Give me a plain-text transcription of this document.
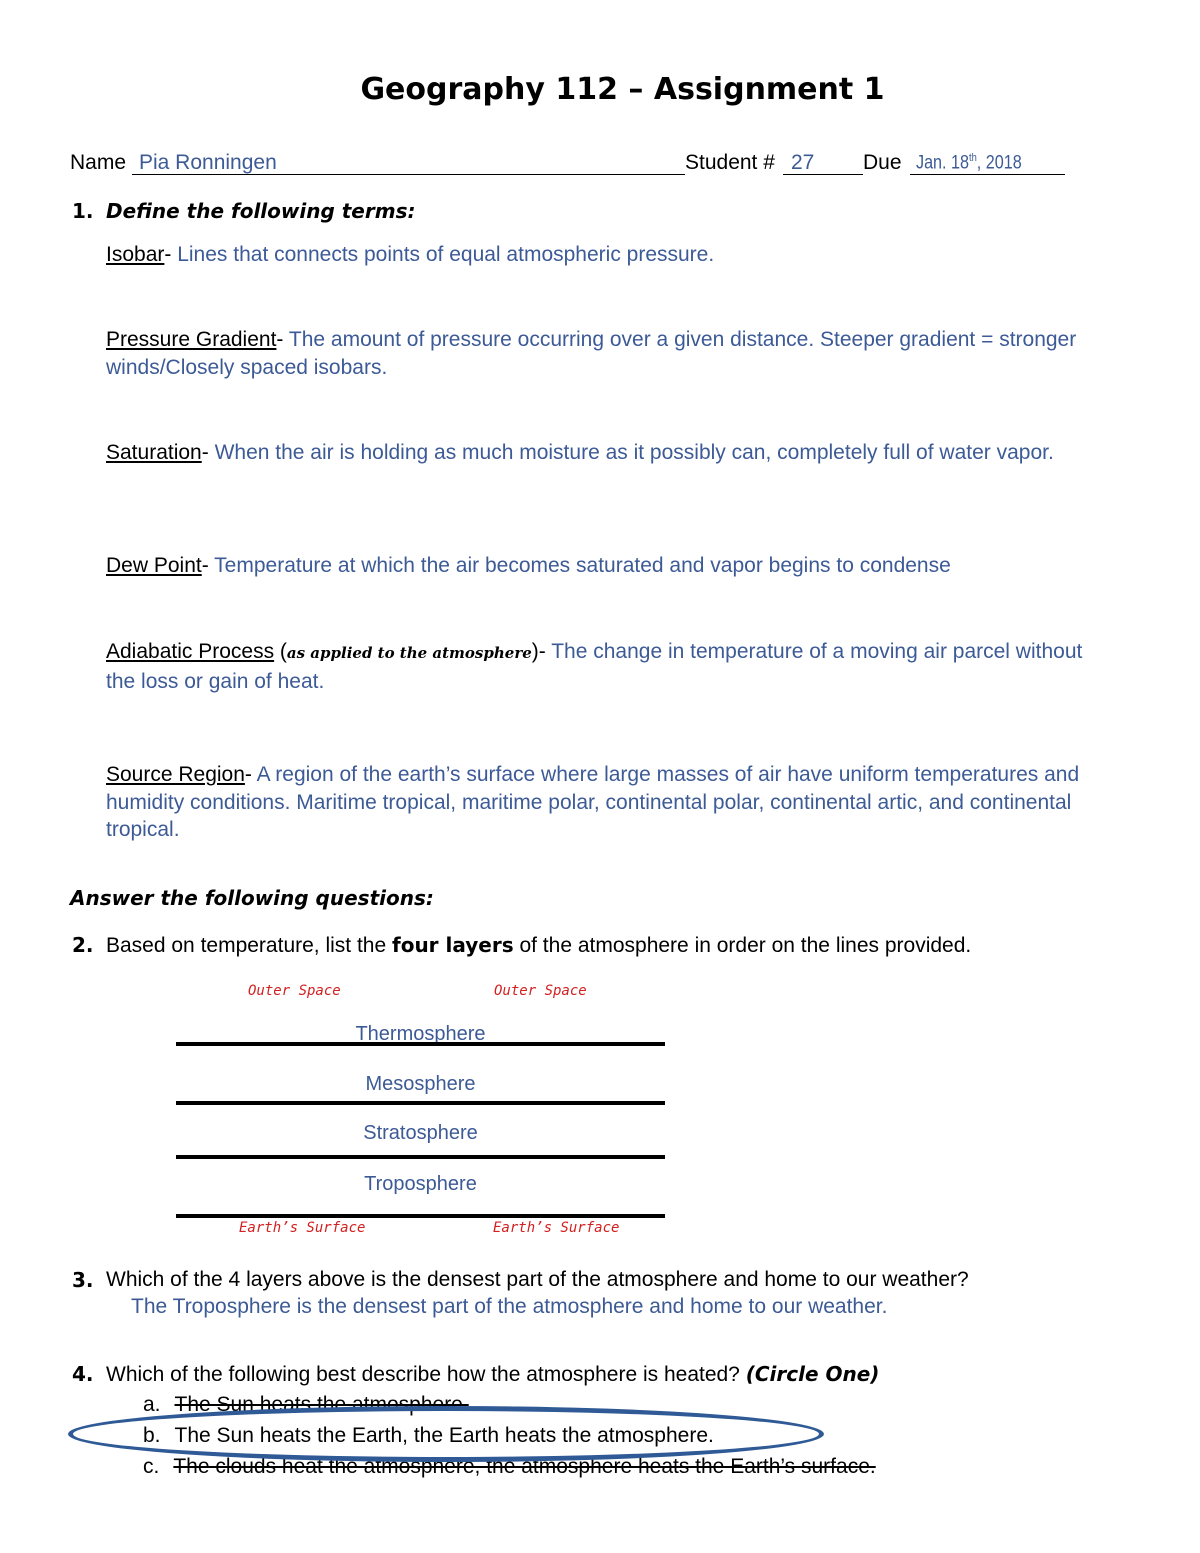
Geography 112 – Assignment 1
Name Pia Ronningen	Student # 27 Due Jan. 18th, 2018
1. Define the following terms:
Isobar- Lines that connects points of equal atmospheric pressure.
Pressure Gradient- The amount of pressure occurring over a given distance. Steeper gradient = stronger winds/Closely spaced isobars.
Saturation- When the air is holding as much moisture as it possibly can, completely full of water vapor.
Dew Point- Temperature at which the air becomes saturated and vapor begins to condense
Adiabatic Process (as applied to the atmosphere)- The change in temperature of a moving air parcel without the loss or gain of heat.
Source Region- A region of the earth’s surface where large masses of air have uniform temperatures and humidity conditions. Maritime tropical, maritime polar, continental polar, continental artic, and continental tropical.
Answer the following questions:
2. Based on temperature, list the four layers of the atmosphere in order on the lines provided.
Outer Space	Outer Space
Thermosphere
Mesosphere
Stratosphere
Troposphere
Earth’s Surface	Earth’s Surface
3. Which of the 4 layers above is the densest part of the atmosphere and home to our weather?
The Troposphere is the densest part of the atmosphere and home to our weather.
4. Which of the following best describe how the atmosphere is heated? (Circle One)
a. The Sun heats the atmosphere.
b. The Sun heats the Earth, the Earth heats the atmosphere.
c. The clouds heat the atmosphere, the atmosphere heats the Earth’s surface.
